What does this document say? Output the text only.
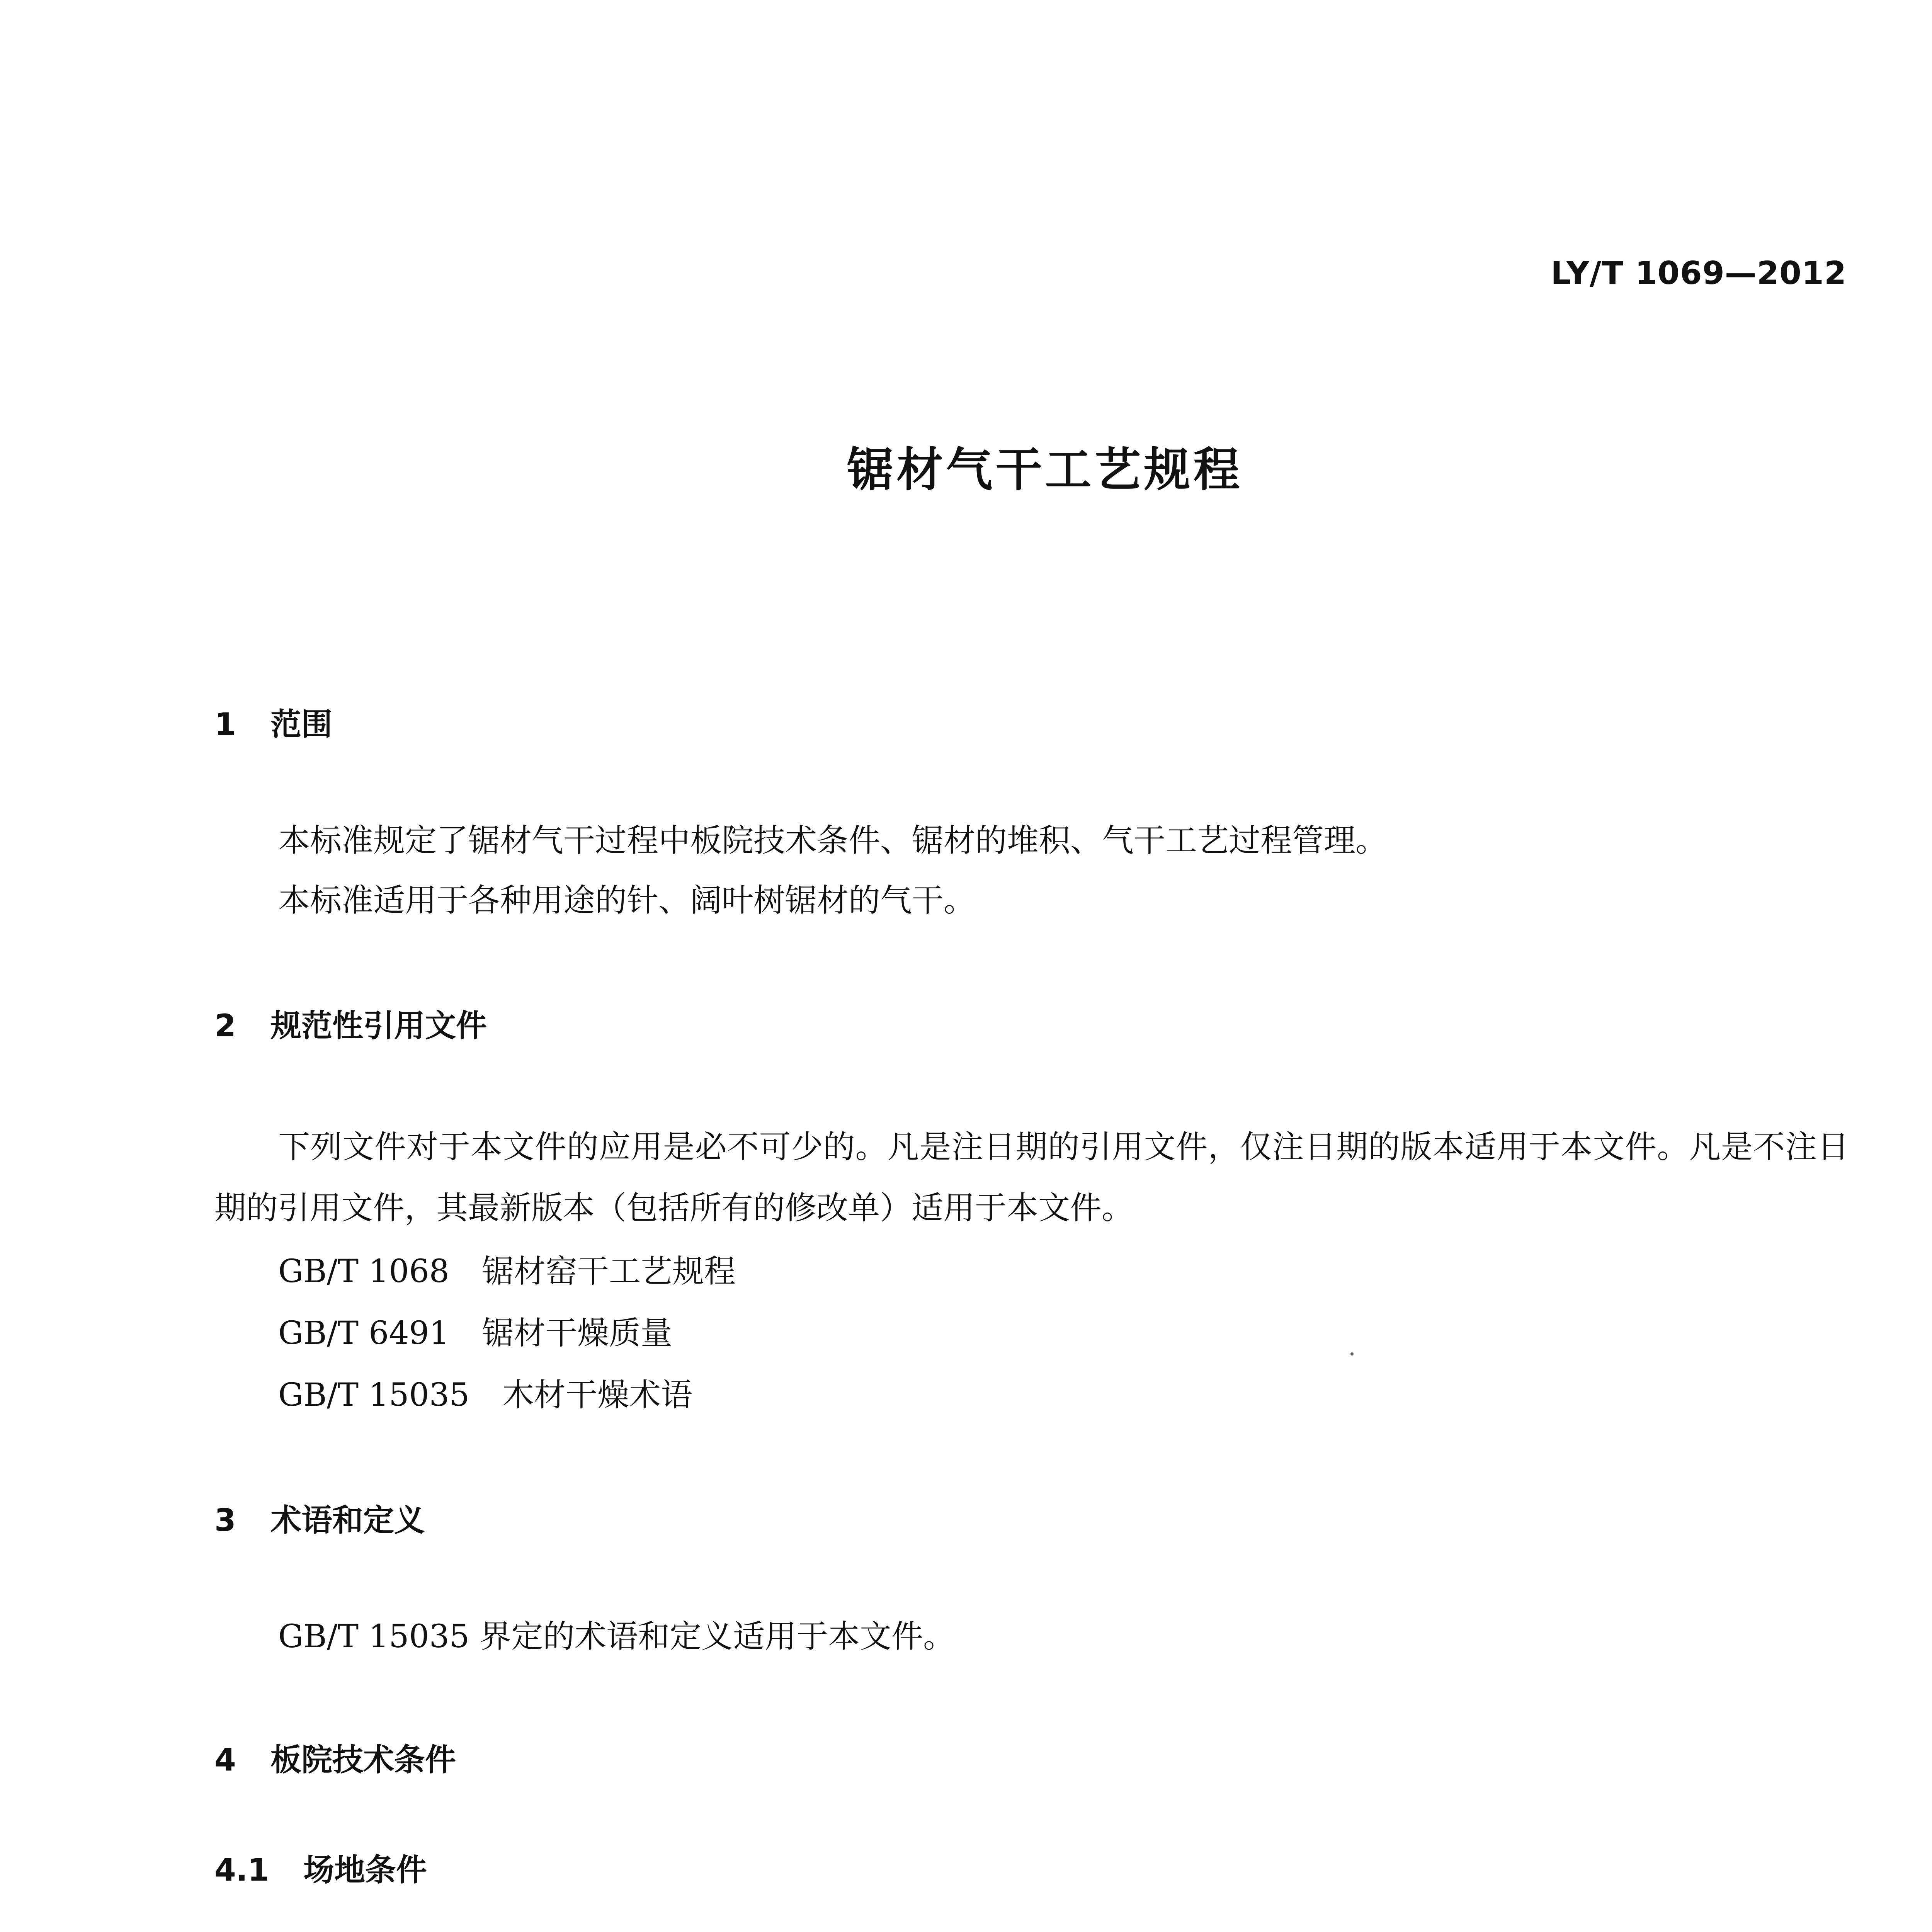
LY/T 1069—2012
锯材气干工艺规程
1	范围
本标准规定了锯材气干过程中板院技术条件、锯材的堆积、气干工艺过程管理。
本标准适用于各种用途的针、阔叶树锯材的气干。
2	规范性引用文件
下列文件对于本文件的应用是必不可少的。凡是注日期的引用文件，仅注日期的版本适用于本文件。凡是不注日期的引用文件，其最新版本（包括所有的修改单）适用于本文件。
GB/T 1068 锯材窑干工艺规程
GB/T 6491 锯材干燥质量
GB/T 15035 木材干燥术语
3	术语和定义
GB/T 15035 界定的术语和定义适用于本文件。
4	板院技术条件
4.1	场地条件
